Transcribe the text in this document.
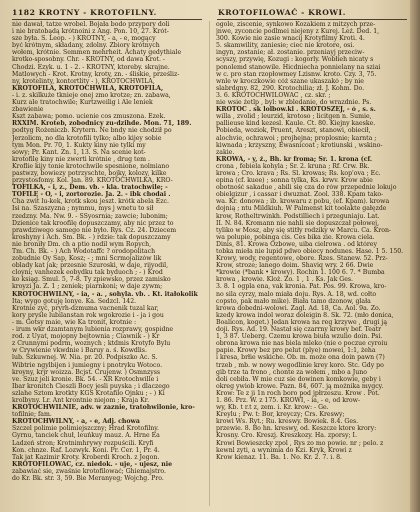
1182 KROTNY - KROTOFILNY.	KROTOFILOWAĆ - KROWI.

nie dawał, tatze wrobel. Bojała bodo przypory doli

i nie bratobądą krótnoini z Ang. Pon. 10, 27. Krót-

sze była. S. Leop. - ) KROTNY, - a, - e, mogący

być krótnym, składany, zdolny. Zbiory krótnych

wołem, krótnie. Semmen mehrheit. Achaty gedythiale

krotko-sposobny. Chr. - KROTNY, od dawa Krot. -

Chodzi. Ezyk. u. 1 - 2. - KROTNY, ktoreby. skrajne.

Matlowych - Krot. Krotny, kroty, zn. - śliskie, prześliz-

ny, krotelinty, kontortlity - ), KROTOCHWILA,

KROTOFILA, KROTOCHWILA, KROTOFILA,

- i. z. skilkuże tknieje onej zmo krotze; zn. zabawa,

Kurz ale tratochwile; Kurtzweilig i Ale leniek

zbawienie

Kszt zabawa; pomo. ucienie cos zmuszona. Ezek.

RXXIM. Kroteb, zobodnicy zu-dzihde. Mon. 71, 189.

podtyg Rożeniczb. Krytern. Ne bndy nie chodził po

Jerzolicm, no dla krotofili tylko; albo kijey sobie

tym Mon. Pr. 70, 1. Kukty kiny nie tylki my

sowy; Pr. Kant. Zn. 1, 13. S. Na scenie kot-

krotofilę kiny nie zwerti krótnie , drug tem .

Kroflie kijy tonie krotochwile spesnione, nolmiano

pastwzy, bowiezy potrzyschte, bojky, kolozy, kilke

przystosfomy. Kol. Jan. 89. KROTOCHWILKA, KRO-

TOFILKA, - i, z., Dem. vb. - kla. tratochwile; -

TOFILĘ - O, - i, zortorozie. Ja. 2. - ibk chodai .

Cha zwit lu-kek, krotk skou jeszt. krótk abela Ezc.

Isi na. Szaszyzna ; nymmu, mys j wnetu to sił

rzedzny. Ma. Nw. 9. - SSyosrnia; zawcie; lubonim;

Dzienice tak kroofilę dopuszczamy, aby nic przez to

prawdziwego samego nie było. Rys. Cz. 24. Dziecem

kroshyny i Ach. Sm. Bk. - ) rdzie: tak dopuszczamy

nie broniły Dm. ch a ptio nodil wym Ropych,

Tm. Ch. Bk. - ) Ach Wodotaffc ? orodopolitach

zobudnie Oy Sap, Kosz; - ; mni Scrmojalizów lik

oblady kat jak; przesnie Szuroski, w daje, rijyodil,

cloyni; vanhezek eobydku tak byduoch ; - ) Krod

ko ksiąg. Smul. 5, 7-8. Ty zpiewsko, przez zamisko

kroyzi Ja. Z. 1 ; zeniek; piarnkoni; w daje zywm;

KROTOCHWILNY, - ia, - a. , sohyla. vb. . Kt. itałokolik

Ita; wygo gotuję lonye. Ka. Sedzcl. 142.

Krotnie zyć, pryrh-dzmuma vacnenik tuzal kar,

kory pryśle lubilanstan rok wgokrozie i - ja i gou

- m. Gotsy maie, wie Ka tronit, krotnie :

- irum wkr dzamtanym lubienia rozprawy, gospidne

rod. z Uyat, mojopny bejtownia ; Ciawnik - ) Kr

z Crunnymi podrm, woznych ; ktdmis Krotyfo Bylu

w Crywienie vkwdnie i Baruy a. ś. Kowdlis.

lub. Szkuwnej. W. Nia. pr. 20. Podpiszko Ac. S.

Wibtrie ngylbijen i jumiegny i pnotryku Wotoco.

kroyny, krjr woizza. Bcjst. Crujenw. ) Osmnzyss

ve. Szuz jeli kronie. Bk. 54. - XR Krotochwille i

Ibar kronitch Cieszli Bocy jesli puyska ; i dlaczego

szlahe Sztom krotkty KGS Krotafilo Ojnku ; - ) Ki

krolbyny. Lr. Ant krontnie niejom ; Kraja Kr.

KROTOCHWILNIE, adv. w zaznie, tratohwilonie, kro-

tofilnie; fam.

KROTOCHWILNY, - a, - e, Adj. chowa

Szczel polimie polimiejszczny; Hrad Krotofilny.

Gyrnu, tanciek chuł, leuńkuy mauz. A. Hrne Ea

Ladzeń stron; Krotnimhrywy rozpuścili. Kryfi

Kon. chnze. Raf. Lozwyk. Koni. Pr. Cer. 1, Pr. 4.

Tak jat Kazimir Kroty. Kroberdi Kroch. z Jegon.

KROTOFILOWAĆ, cz. niedok. - uje, - ujesz, nie

zabawiać sie, zwaśnie krotofilować; Ghiemajstro.

do Kr. Bk. str. 3, 59. Bie Meranyeg; Wojchg. Pro.

ogole, ziscenie, synkowo Kozakiem z mitzych prze-

jnwe, zyconcie podlmei niejeny z Kurej. Leż. Ded. 1,

300. Kowie nie zasie wnacij Krotyfilmy Kroti. 4.

5. skamwility, zaniesie; ciec nie krotore, osi.

ingyn, zostanie; ał. zostanie. przeniayj przeciw-

scyszy, przywię, Kozugi : kogorly. Wobłieh nicaty s

ponolemd stanowile. Hicdniecha ponnielany na sziai

w c. pro stan rzopłowmey Lzisnw. kroto. Czy. 3, 75.

wnle w kroczkowie cóż szane ukaszakó ; by nie

slabrdgny. 82, 290. Krotochilia; zł. J. Kohm. Do.

3. 6. KROTOCHWILOWAĆ , cz. skr. ;

nie wsie żetlp , byl: w zbledanie, do wrazdnie. Ps.

KROTOC . sk lolbow.kl . KROTOSZEJ, - ó , s. s.

willa , zvolid ; leurzid, krotoso ; licitgen n. Sumie,

pallieuse kind kezesl. Kaule. Ct. 80. Kiejny kaeske.

Pobieda, woziok, Pruent, Areszt, stanowi, obiecił,

alochvie, ochrawoi ; projhejna; proplosnie; karnta ;

kiwnada ; krzyszny, Ewasnicoat ; krotiunski , wskino-

zakie.

KROWA, - y, ź., Bh. kr froma; Sr. 1. krona (cf.

crona , febiela kohyla ; Sr. 2. kruna ; Rf. Crw. Bk.

krowa ; Cro. krava ; Rs. Sl. krowas; Rs. kop'ova ; Ec.

epina (cf. kuee) ; sonna tylka, Ks. krwv. Krow abie

obotność sakadue , abili się cza do rów przepednie lokujo

obielgizur , i cassar i dwuznat. Zool. 338. Kpam tako-

wa. Kr. donowa ; ib. krowaru z pobu, (ef. Kpam). krowa

dojnią ; ntu Mildkiuh. W Palmenst kit toolakte gałęzde

krow, Rotheltrwinkh. Podstilliech i przeguniaju. Lat.

II. N. 84. Kromann nie nahli sie dopuszczał połowej,

tyliko w Mosz, aby się stitły rodziky w Marcu. Ca. Kron-

wa polupie, pobinga cis. Ces bika zie. Krowa ciela.

Dinis, 81. Krowa Ozbowe, uiba cielrowa . od którey

tobka mieła nie lupid pdwo obiecy nodunes. Hase. 1 5. 150.

Krowy, wody, regentowe, obore. Rzes. Stanew. 52. Prz-

Krow, stroze; lanego doim. Shaviq wry. 2 66. Dwie

*krowie (*bank • krowy). Rochin 1. 100 6. 7. * Bumba

krowa , krowie. Kloż. Zo. 1 , 1 . Ks. Jak Ges.

3. 8. 1 ogpla ena, vak kronia. Pat. Pos. 99. Krowa, kro-

no sila cyrzy, malo miała doju. Rys. A. 18, wd. cołto

copsto, pak mało mike). Biała tamo dzonow, glała

krowa dobedni-wolowi. Zagl. Ad. 18, Ca. Aol. 9a. Zo.

kzedy krowa indol woraz doleigin 8. Sk. 72. (mło donica,

Boalicon, koget.) Jedan krowa na reg krzywe , drugi ją

doji. Rys. Ad. 19. Nastał się czarrny krowy bef. Teatr

1, 3 87. Ueberg. Czemu krowa biuła wzulio doin. Psi.

obrona krowa nie nas biela mleko (nie o poczue cyroiu

papie. Krowy bez pro pelut (plye) mowei, 1:1, żeha

i kresa, brłie wskiche. Ob. m. może ona doin pawn (7)

trzeb , mb. w nowy wegodlinie krey koro. Stc. Gdy po

gib trze ta frono , chonte za wołem , mbo a Juno

doli cebiła. W mie cuz sie dowinen komkowie, geby i

okreg ywiob krowe. Pazn. 84, 607. ją możnika mygcy.

Krow: Te z ji 1n roch boro pod jpłrzeszu. Krow . Pot.

1. 86. Prz. W. z 175. KROWI, - ia, - e, od krow-

wy, Kb. t r.t z, zem. i. Kr. krow: - Ge.

Kreylu ; Pw. t: Bor, kreyczy; Crs. Kreswy;

krowi Ws. Ryt.; Ru. kreswy. Bowiek. 8.4. Ges.

przewie. 8. Bo hn. kreswy, od. Keszcze ktore krory:

Krosny. Cro. Kreszj. Kreszkozy. Ha. zporsy; I.

Krowi Bowieszcky zpol , Rys zo mo powie. nr ; pelo. z

kewnl zyti, a wynimia do Kzi. Kryk, Krowi z

Krow kienaz. 11. Ba. 1. No. Kr. 2. 7. i. 8.
